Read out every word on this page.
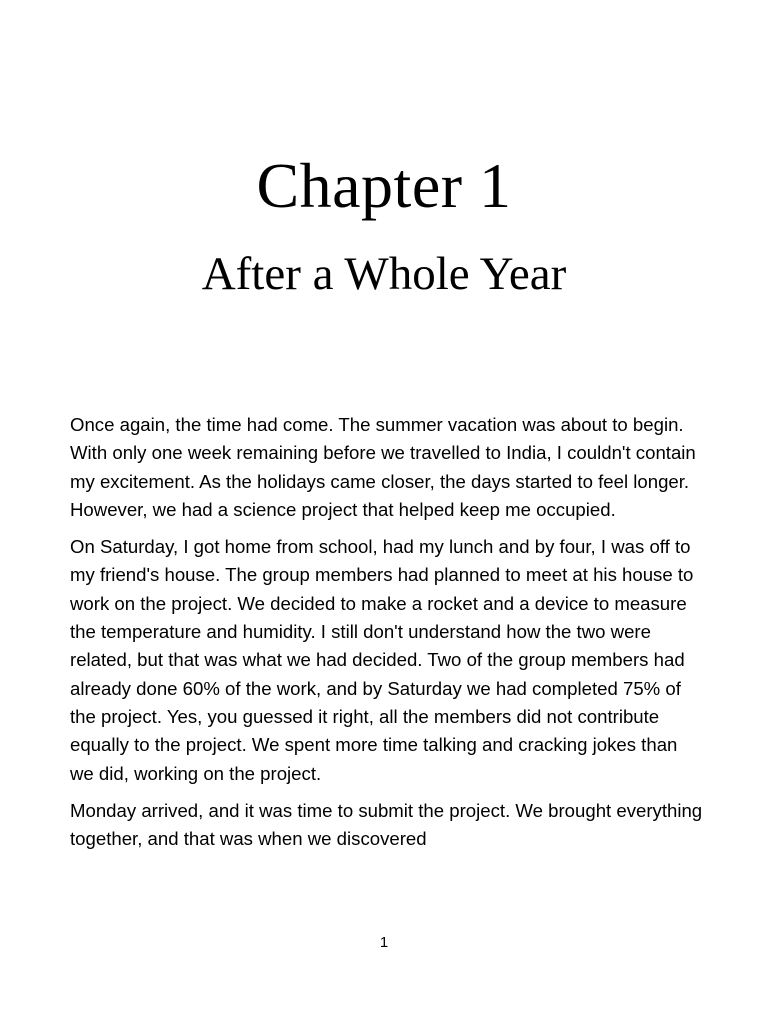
Chapter 1
After a Whole Year

Once again, the time had come. The summer vacation was about to begin. With only one week remaining before we travelled to India, I couldn't contain my excitement. As the holidays came closer, the days started to feel longer. However, we had a science project that helped keep me occupied.

On Saturday, I got home from school, had my lunch and by four, I was off to my friend's house. The group members had planned to meet at his house to work on the project. We decided to make a rocket and a device to measure the temperature and humidity. I still don't understand how the two were related, but that was what we had decided. Two of the group members had already done 60% of the work, and by Saturday we had completed 75% of the project. Yes, you guessed it right, all the members did not contribute equally to the project. We spent more time talking and cracking jokes than we did, working on the project.

Monday arrived, and it was time to submit the project. We brought everything together, and that was when we discovered

1
